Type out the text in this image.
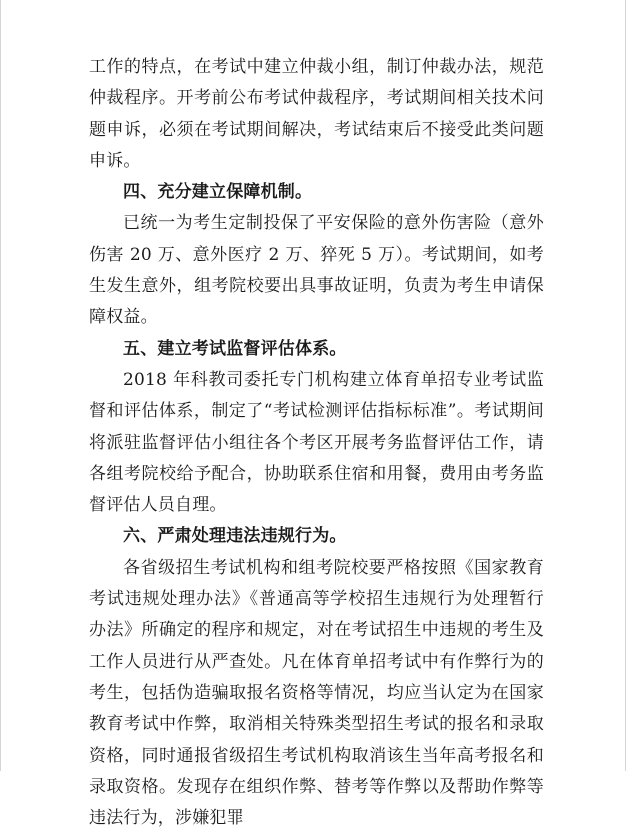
工作的特点，在考试中建立仲裁小组，制订仲裁办法，规范仲裁程序。开考前公布考试仲裁程序，考试期间相关技术问题申诉，必须在考试期间解决，考试结束后不接受此类问题申诉。

四、充分建立保障机制。

已统一为考生定制投保了平安保险的意外伤害险（意外伤害 20 万、意外医疗 2 万、猝死 5 万）。考试期间，如考生发生意外，组考院校要出具事故证明，负责为考生申请保障权益。

五、建立考试监督评估体系。

2018 年科教司委托专门机构建立体育单招专业考试监督和评估体系，制定了“考试检测评估指标标准”。考试期间将派驻监督评估小组往各个考区开展考务监督评估工作，请各组考院校给予配合，协助联系住宿和用餐，费用由考务监督评估人员自理。

六、严肃处理违法违规行为。

各省级招生考试机构和组考院校要严格按照《国家教育考试违规处理办法》《普通高等学校招生违规行为处理暂行办法》所确定的程序和规定，对在考试招生中违规的考生及工作人员进行从严查处。凡在体育单招考试中有作弊行为的考生，包括伪造骗取报名资格等情况，均应当认定为在国家教育考试中作弊，取消相关特殊类型招生考试的报名和录取资格，同时通报省级招生考试机构取消该生当年高考报名和录取资格。发现存在组织作弊、替考等作弊以及帮助作弊等违法行为，涉嫌犯罪
